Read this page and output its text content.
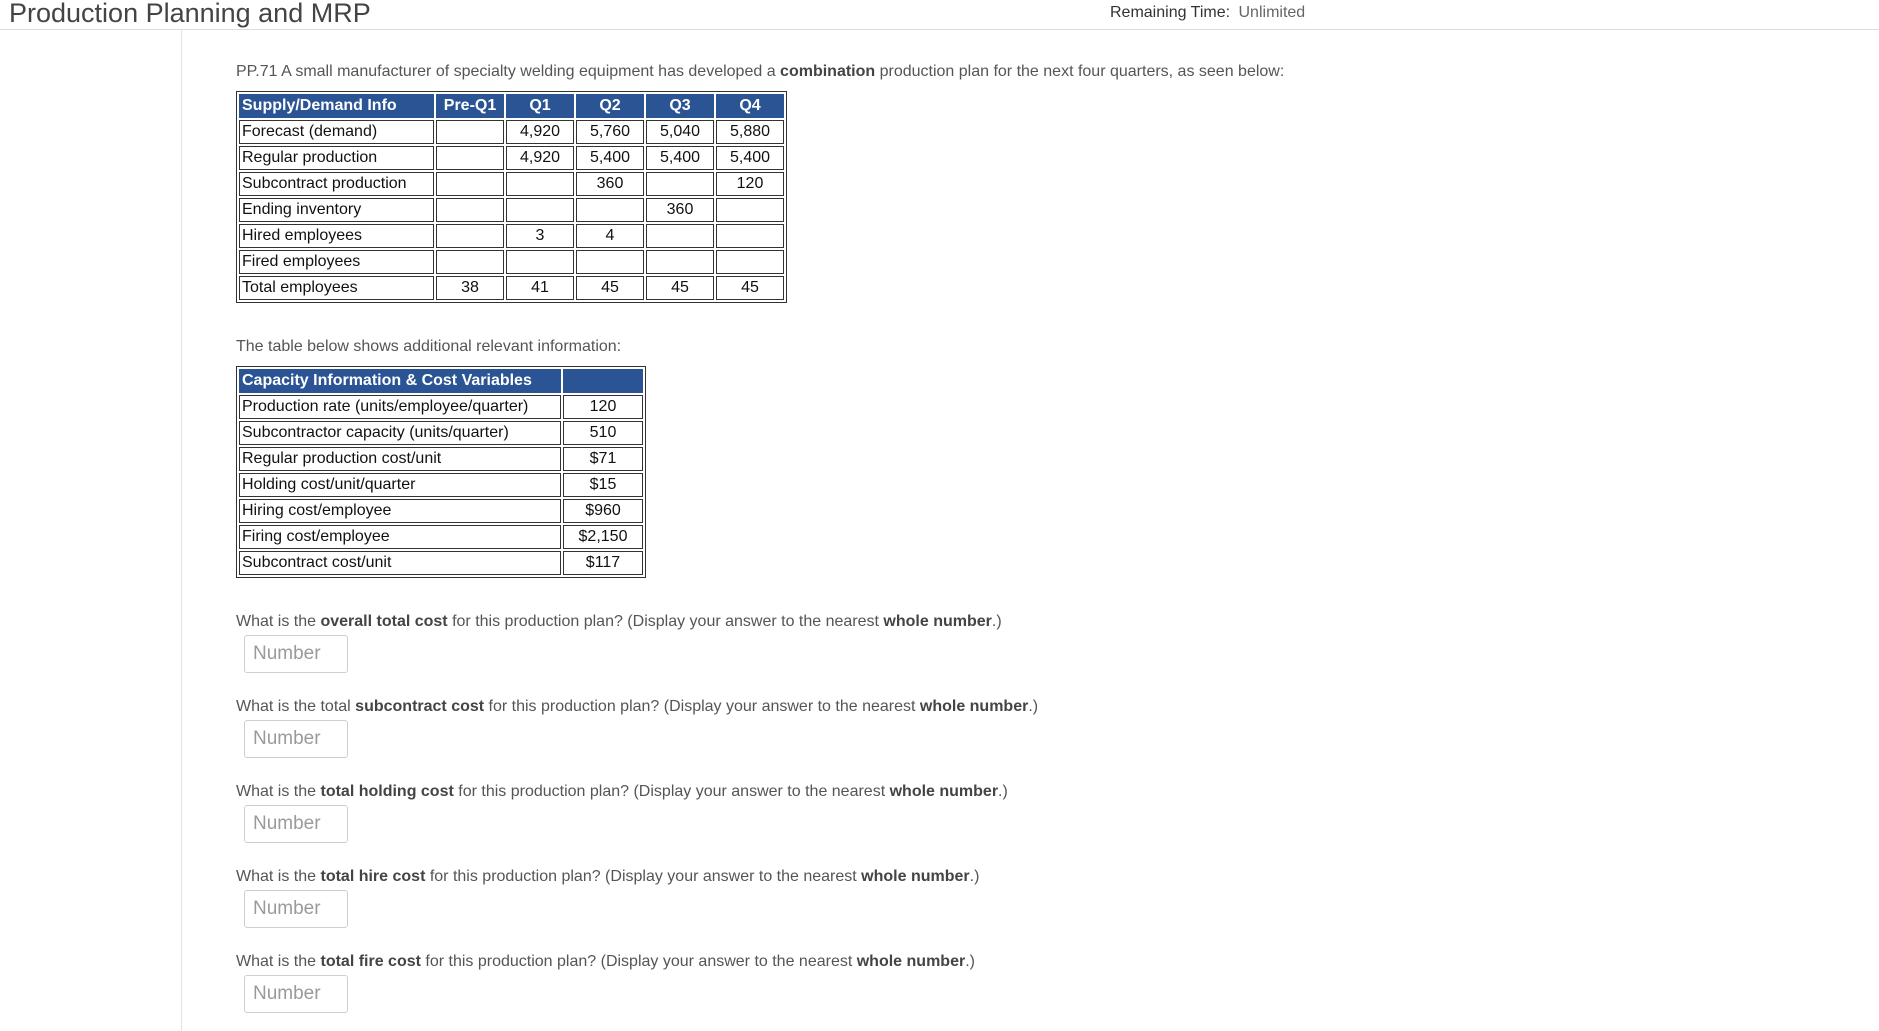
Production Planning and MRP	Remaining Time: Unlimited
PP.71 A small manufacturer of specialty welding equipment has developed a combination production plan for the next four quarters, as seen below:
Supply/Demand Info	Pre-Q1	Q1	Q2	Q3	Q4
Forecast (demand)		4,920	5,760	5,040	5,880
Regular production		4,920	5,400	5,400	5,400
Subcontract production			360		120
Ending inventory				360	
Hired employees		3	4		
Fired employees					
Total employees	38	41	45	45	45
The table below shows additional relevant information:
Capacity Information & Cost Variables	
Production rate (units/employee/quarter)	120
Subcontractor capacity (units/quarter)	510
Regular production cost/unit	$71
Holding cost/unit/quarter	$15
Hiring cost/employee	$960
Firing cost/employee	$2,150
Subcontract cost/unit	$117
What is the overall total cost for this production plan? (Display your answer to the nearest whole number.)
Number
What is the total subcontract cost for this production plan? (Display your answer to the nearest whole number.)
Number
What is the total holding cost for this production plan? (Display your answer to the nearest whole number.)
Number
What is the total hire cost for this production plan? (Display your answer to the nearest whole number.)
Number
What is the total fire cost for this production plan? (Display your answer to the nearest whole number.)
Number
